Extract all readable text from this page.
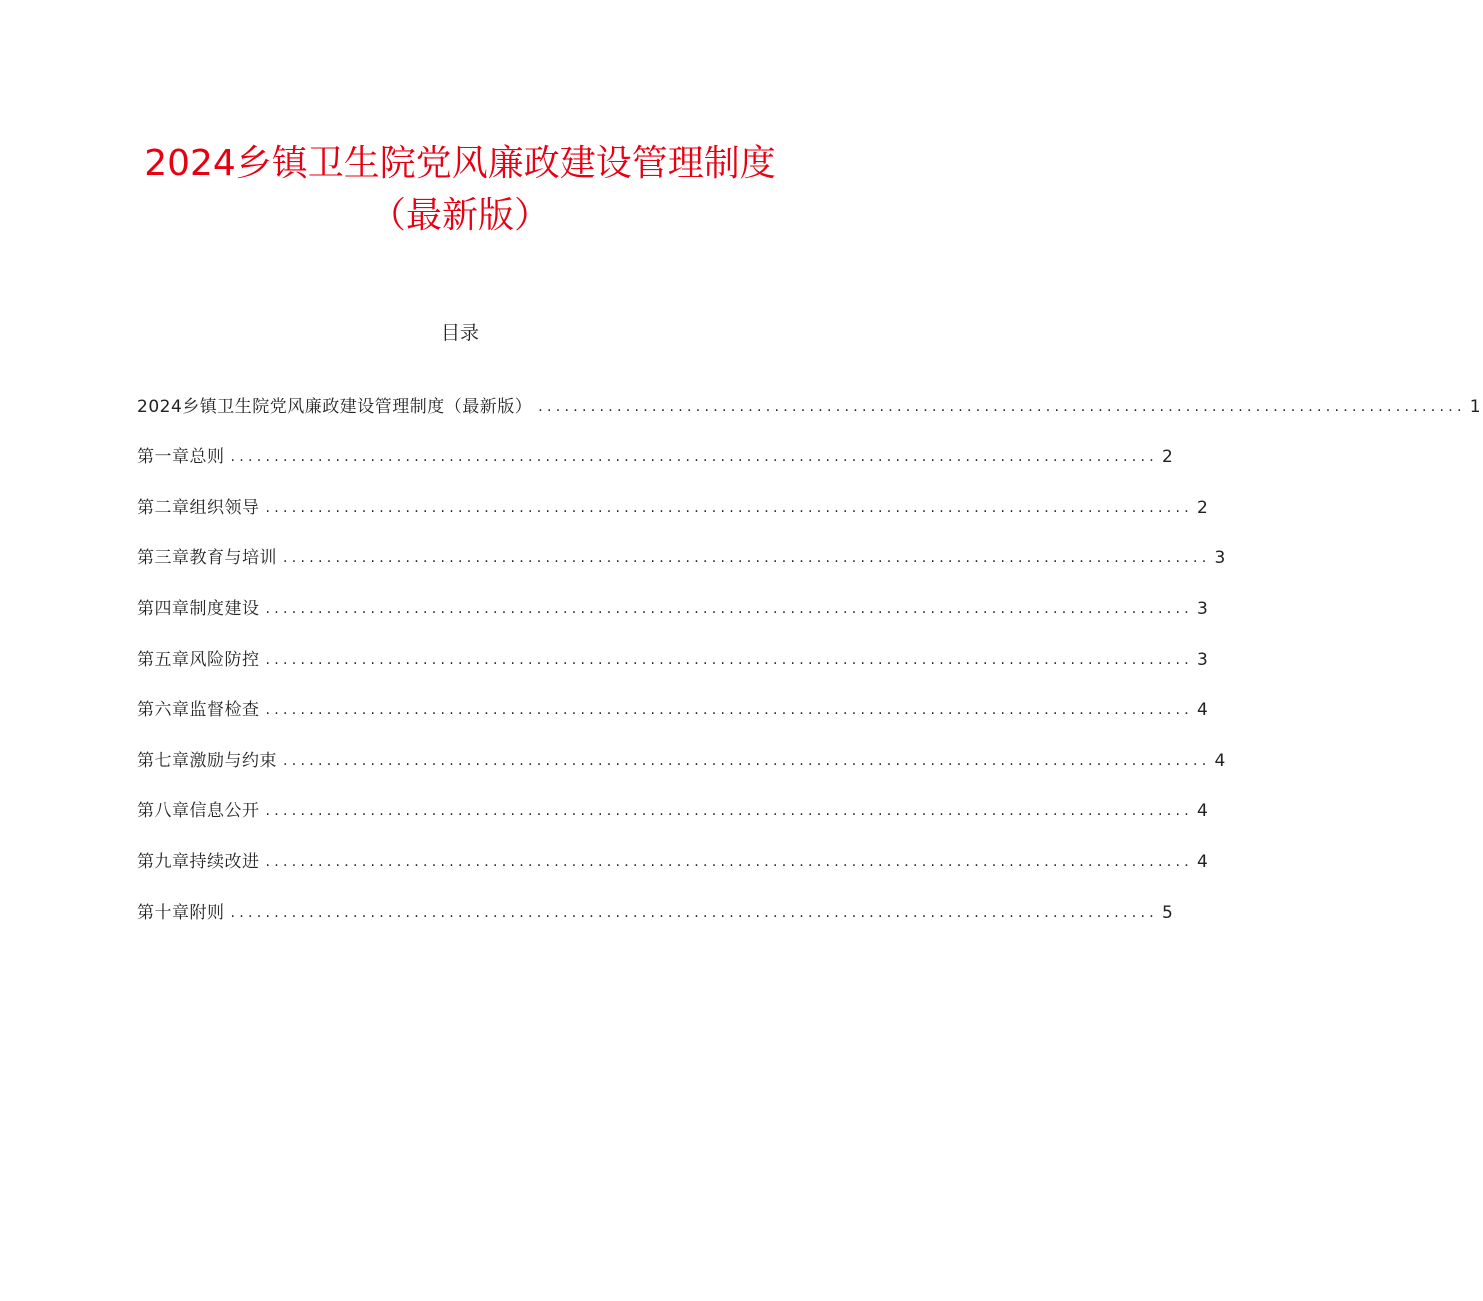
2024乡镇卫生院党风廉政建设管理制度
（最新版）
目录
2024乡镇卫生院党风廉政建设管理制度（最新版） .......................................................................................................... 1
第一章总则 .......................................................................................................... 2
第二章组织领导 .......................................................................................................... 2
第三章教育与培训 .......................................................................................................... 3
第四章制度建设 .......................................................................................................... 3
第五章风险防控 .......................................................................................................... 3
第六章监督检查 .......................................................................................................... 4
第七章激励与约束 .......................................................................................................... 4
第八章信息公开 .......................................................................................................... 4
第九章持续改进 .......................................................................................................... 4
第十章附则 .......................................................................................................... 5
